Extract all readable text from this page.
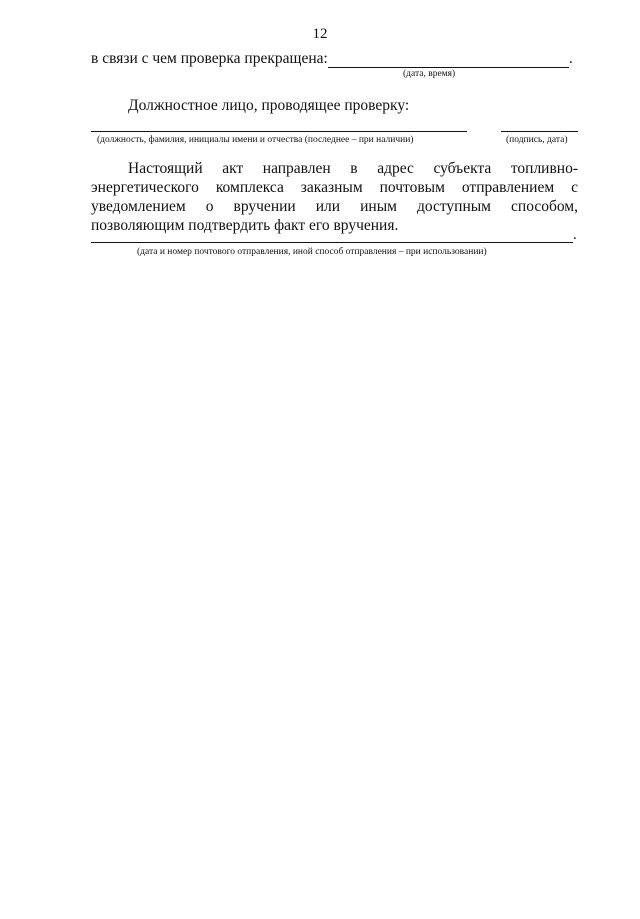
12
в связи с чем проверка прекращена:	.
(дата, время)
Должностное лицо, проводящее проверку:
(должность, фамилия, инициалы имени и отчества (последнее – при наличии)	(подпись, дата)

Настоящий акт направлен в адрес субъекта топливно-энергетического комплекса заказным почтовым отправлением с уведомлением о вручении или иным доступным способом, позволяющим подтвердить факт его вручения.

.
(дата и номер почтового отправления, иной способ отправления – при использовании)
